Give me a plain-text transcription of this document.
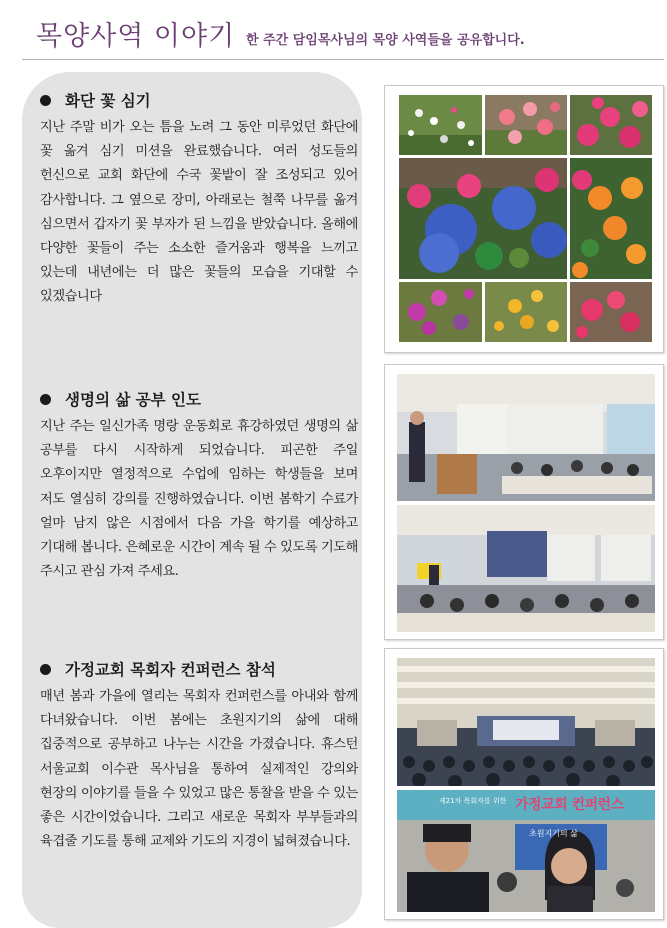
목양사역 이야기 한 주간 담임목사님의 목양 사역들을 공유합니다.
화단 꽃 심기
지난 주말 비가 오는 틈을 노려 그 동안 미루었던 화단에 꽃 옮겨 심기 미션을 완료했습니다. 여러 성도들의 헌신으로 교회 화단에 수국 꽃밭이 잘 조성되고 있어 감사합니다. 그 옆으로 장미, 아래로는 철쭉 나무를 옮겨 심으면서 갑자기 꽃 부자가 된 느낌을 받았습니다. 올해에 다양한 꽃들이 주는 소소한 즐거움과 행복을 느끼고 있는데 내년에는 더 많은 꽃들의 모습을 기대할 수 있겠습니다
생명의 삶 공부 인도
지난 주는 일신가족 명랑 운동회로 휴강하였던 생명의 삶 공부를 다시 시작하게 되었습니다. 피곤한 주일 오후이지만 열정적으로 수업에 임하는 학생들을 보며 저도 열심히 강의를 진행하였습니다. 이번 봄학기 수료가 얼마 남지 않은 시점에서 다음 가을 학기를 예상하고 기대해 봅니다. 은혜로운 시간이 계속 될 수 있도록 기도해 주시고 관심 가져 주세요.
가정교회 목회자 컨퍼런스 참석
매년 봄과 가을에 열리는 목회자 컨퍼런스를 아내와 함께 다녀왔습니다. 이번 봄에는 초원지기의 삶에 대해 집중적으로 공부하고 나누는 시간을 가졌습니다. 휴스턴 서울교회 이수관 목사님을 통하여 실제적인 강의와 현장의 이야기를 들을 수 있었고 많은 통찰을 받을 수 있는 좋은 시간이었습니다. 그리고 새로운 목회자 부부들과의 육겹줄 기도를 통해 교제와 기도의 지경이 넓혀졌습니다.
제21차 목회자를 위한 가정교회 컨퍼런스
초원지기의 삶
